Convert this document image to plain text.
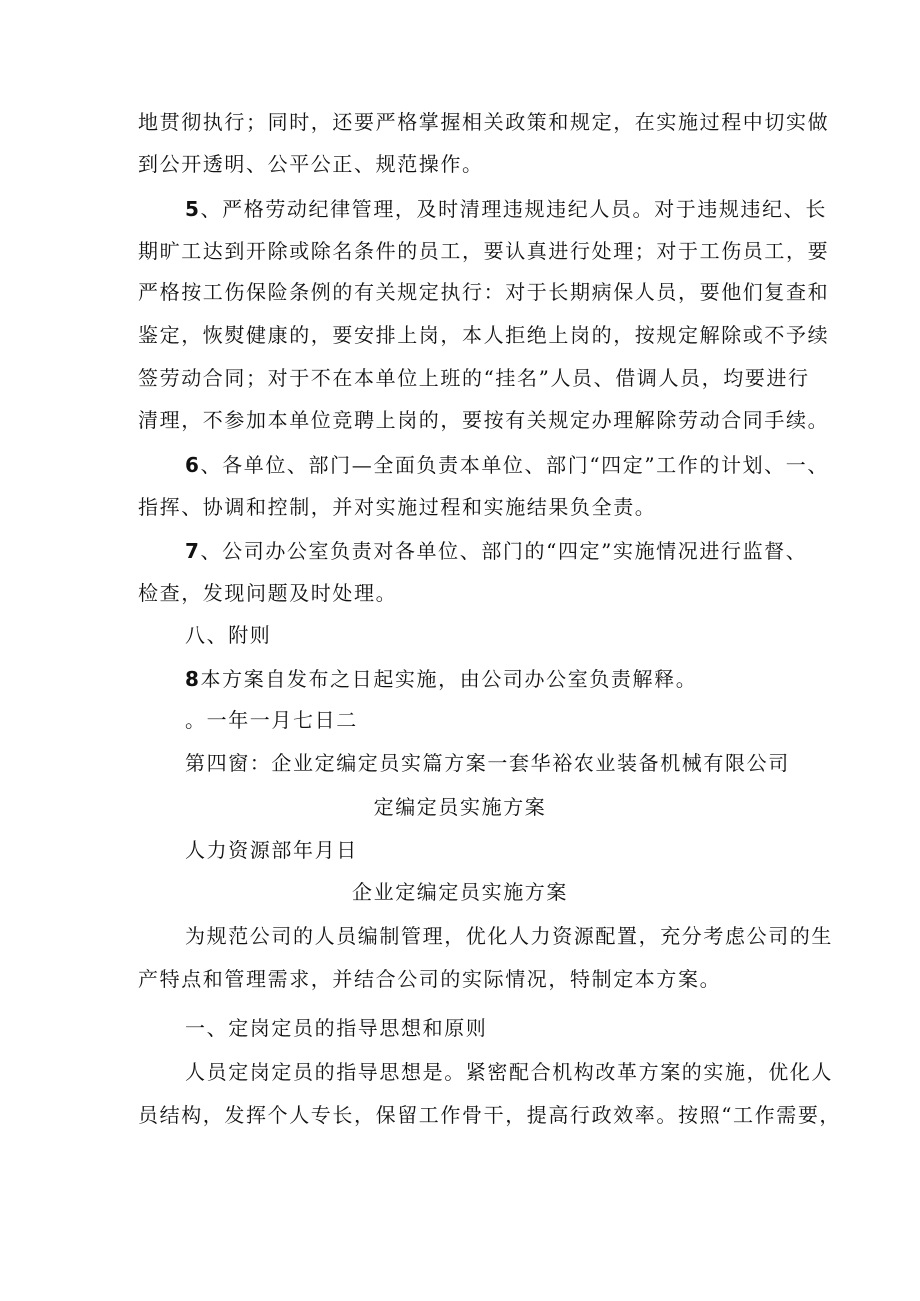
地贯彻执行；同时，还要严格掌握相关政策和规定，在实施过程中切实做
到公开透明、公平公正、规范操作。
5、严格劳动纪律管理，及时清理违规违纪人员。对于违规违纪、长
期旷工达到开除或除名条件的员工，要认真进行处理；对于工伤员工，要
严格按工伤保险条例的有关规定执行：对于长期病保人员，要他们复查和
鉴定，恢熨健康的，要安排上岗，本人拒绝上岗的，按规定解除或不予续
签劳动合同；对于不在本单位上班的“挂名”人员、借调人员，均要进行
清理，不参加本单位竞聘上岗的，要按有关规定办理解除劳动合同手续。
6、各单位、部门—全面负责本单位、部门“四定”工作的计划、一、
指挥、协调和控制，并对实施过程和实施结果负全责。
7、公司办公室负责对各单位、部门的“四定”实施情况进行监督、
检查，发现问题及时处理。
八、附则
8本方案自发布之日起实施，由公司办公室负责解释。
。一年一月七日二
第四窗：企业定编定员实篇方案一套华裕农业装备机械有限公司
定编定员实施方案
人力资源部年月日
企业定编定员实施方案
为规范公司的人员编制管理，优化人力资源配置，充分考虑公司的生
产特点和管理需求，并结合公司的实际情况，特制定本方案。
一、定岗定员的指导思想和原则
人员定岗定员的指导思想是。紧密配合机构改革方案的实施，优化人
员结构，发挥个人专长，保留工作骨干，提高行政效率。按照“工作需要，
